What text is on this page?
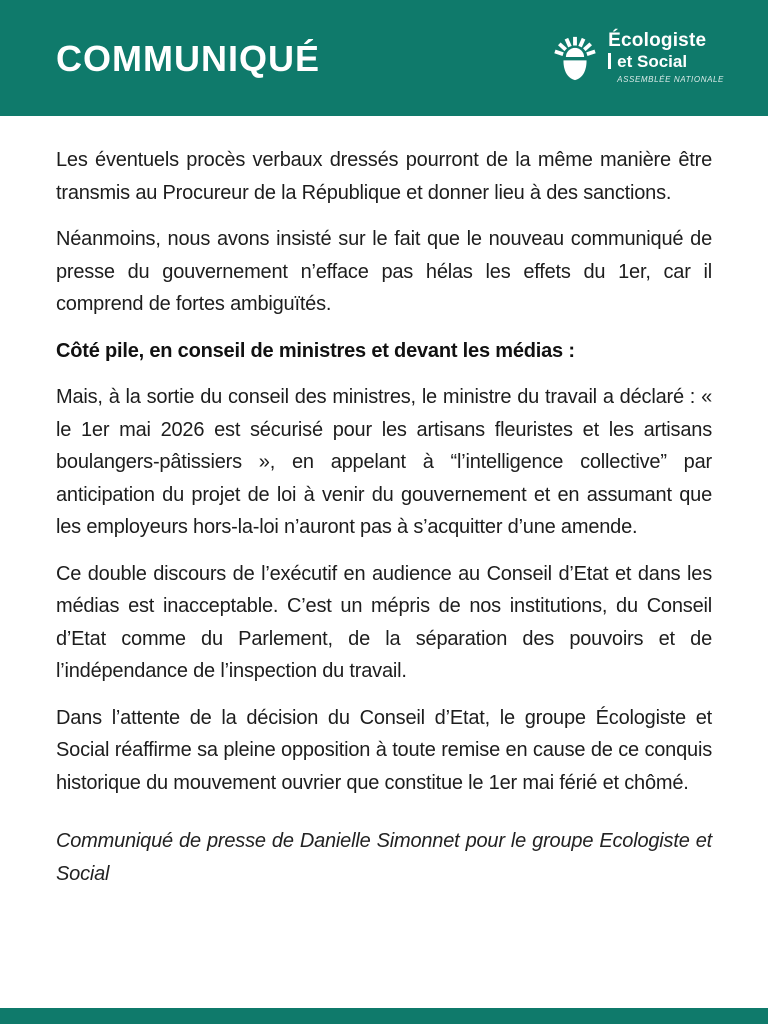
COMMUNIQUÉ	Écologiste
et Social
ASSEMBLÉE NATIONALE

Les éventuels procès verbaux dressés pourront de la même manière être transmis au Procureur de la République et donner lieu à des sanctions.

Néanmoins, nous avons insisté sur le fait que le nouveau communiqué de presse du gouvernement n’efface pas hélas les effets du 1er, car il comprend de fortes ambiguïtés.

Côté pile, en conseil de ministres et devant les médias :

Mais, à la sortie du conseil des ministres, le ministre du travail a déclaré : « le 1er mai 2026 est sécurisé pour les artisans fleuristes et les artisans boulangers-pâtissiers », en appelant à “l’intelligence collective” par anticipation du projet de loi à venir du gouvernement et en assumant que les employeurs hors-la-loi n’auront pas à s’acquitter d’une amende.

Ce double discours de l’exécutif en audience au Conseil d’Etat et dans les médias est inacceptable. C’est un mépris de nos institutions, du Conseil d’Etat comme du Parlement, de la séparation des pouvoirs et de l’indépendance de l’inspection du travail.

Dans l’attente de la décision du Conseil d’Etat, le groupe Écologiste et Social réaffirme sa pleine opposition à toute remise en cause de ce conquis historique du mouvement ouvrier que constitue le 1er mai férié et chômé.

Communiqué de presse de Danielle Simonnet pour le groupe Ecologiste et Social
